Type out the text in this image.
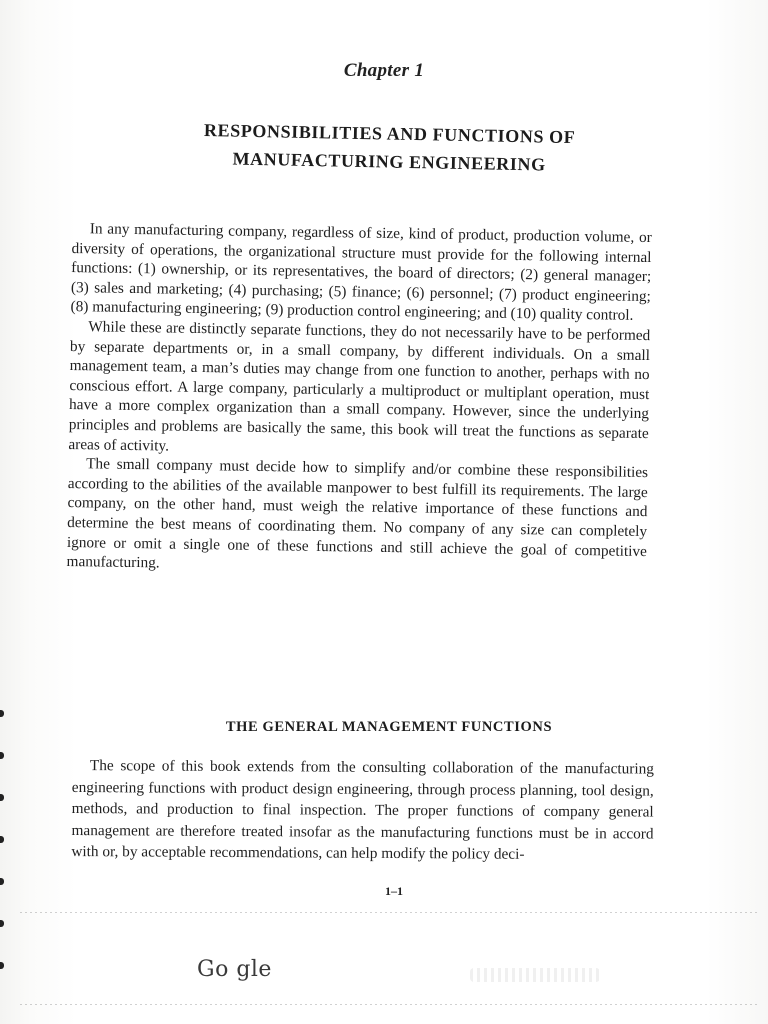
Chapter 1
RESPONSIBILITIES AND FUNCTIONS OF
MANUFACTURING ENGINEERING

In any manufacturing company, regardless of size, kind of product, production volume, or diversity of operations, the organizational structure must provide for the following internal functions: (1) ownership, or its representatives, the board of directors; (2) general manager; (3) sales and marketing; (4) purchasing; (5) finance; (6) personnel; (7) product engineering; (8) manufacturing engineering; (9) production control engineering; and (10) quality control.

While these are distinctly separate functions, they do not necessarily have to be performed by separate departments or, in a small company, by different individuals. On a small management team, a man’s duties may change from one function to another, perhaps with no conscious effort. A large company, particularly a multiproduct or multiplant operation, must have a more complex organization than a small company. However, since the underlying principles and problems are basically the same, this book will treat the functions as separate areas of activity.

The small company must decide how to simplify and/or combine these responsibilities according to the abilities of the available manpower to best fulfill its requirements. The large company, on the other hand, must weigh the relative importance of these functions and determine the best means of coordinating them. No company of any size can completely ignore or omit a single one of these functions and still achieve the goal of competitive manufacturing.

THE GENERAL MANAGEMENT FUNCTIONS

The scope of this book extends from the consulting collaboration of the manufacturing engineering functions with product design engineering, through process planning, tool design, methods, and production to final inspection. The proper functions of company general management are therefore treated insofar as the manufacturing functions must be in accord with or, by acceptable recommendations, can help modify the policy deci-

1–1
Go gle
